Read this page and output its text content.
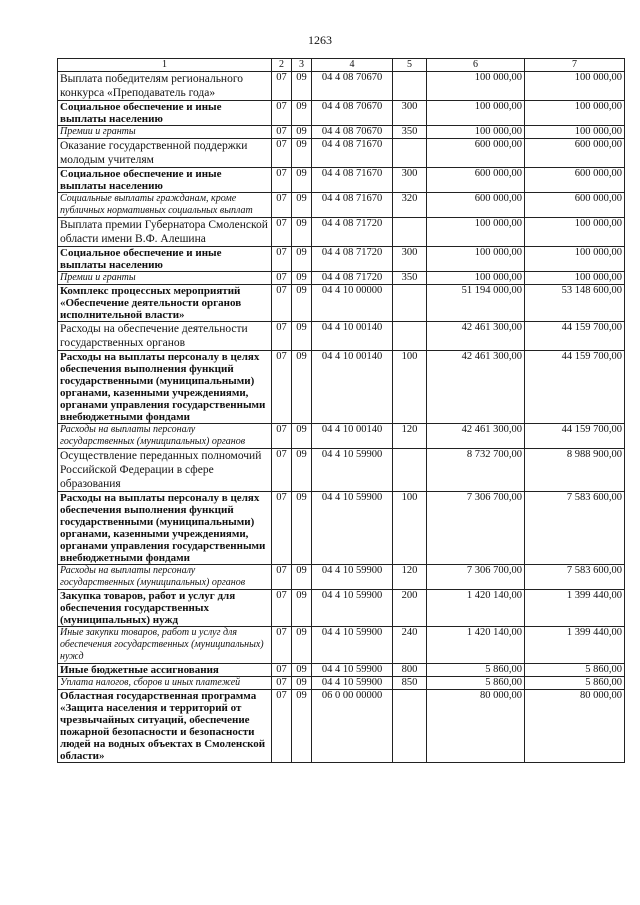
1263
1	2	3	4	5	6	7
Выплата победителям регионального конкурса «Преподаватель года»	07	09	04 4 08 70670		100 000,00	100 000,00
Социальное обеспечение и иные выплаты населению	07	09	04 4 08 70670	300	100 000,00	100 000,00
Премии и гранты	07	09	04 4 08 70670	350	100 000,00	100 000,00
Оказание государственной поддержки молодым учителям	07	09	04 4 08 71670		600 000,00	600 000,00
Социальное обеспечение и иные выплаты населению	07	09	04 4 08 71670	300	600 000,00	600 000,00
Социальные выплаты гражданам, кроме публичных нормативных социальных выплат	07	09	04 4 08 71670	320	600 000,00	600 000,00
Выплата премии Губернатора Смоленской области имени В.Ф. Алешина	07	09	04 4 08 71720		100 000,00	100 000,00
Социальное обеспечение и иные выплаты населению	07	09	04 4 08 71720	300	100 000,00	100 000,00
Премии и гранты	07	09	04 4 08 71720	350	100 000,00	100 000,00
Комплекс процессных мероприятий «Обеспечение деятельности органов исполнительной власти»	07	09	04 4 10 00000		51 194 000,00	53 148 600,00
Расходы на обеспечение деятельности государственных органов	07	09	04 4 10 00140		42 461 300,00	44 159 700,00
Расходы на выплаты персоналу в целях обеспечения выполнения функций государственными (муниципальными) органами, казенными учреждениями, органами управления государственными внебюджетными фондами	07	09	04 4 10 00140	100	42 461 300,00	44 159 700,00
Расходы на выплаты персоналу государственных (муниципальных) органов	07	09	04 4 10 00140	120	42 461 300,00	44 159 700,00
Осуществление переданных полномочий Российской Федерации в сфере образования	07	09	04 4 10 59900		8 732 700,00	8 988 900,00
Расходы на выплаты персоналу в целях обеспечения выполнения функций государственными (муниципальными) органами, казенными учреждениями, органами управления государственными внебюджетными фондами	07	09	04 4 10 59900	100	7 306 700,00	7 583 600,00
Расходы на выплаты персоналу государственных (муниципальных) органов	07	09	04 4 10 59900	120	7 306 700,00	7 583 600,00
Закупка товаров, работ и услуг для обеспечения государственных (муниципальных) нужд	07	09	04 4 10 59900	200	1 420 140,00	1 399 440,00
Иные закупки товаров, работ и услуг для обеспечения государственных (муниципальных) нужд	07	09	04 4 10 59900	240	1 420 140,00	1 399 440,00
Иные бюджетные ассигнования	07	09	04 4 10 59900	800	5 860,00	5 860,00
Уплата налогов, сборов и иных платежей	07	09	04 4 10 59900	850	5 860,00	5 860,00
Областная государственная программа «Защита населения и территорий от чрезвычайных ситуаций, обеспечение пожарной безопасности и безопасности людей на водных объектах в Смоленской области»	07	09	06 0 00 00000		80 000,00	80 000,00
